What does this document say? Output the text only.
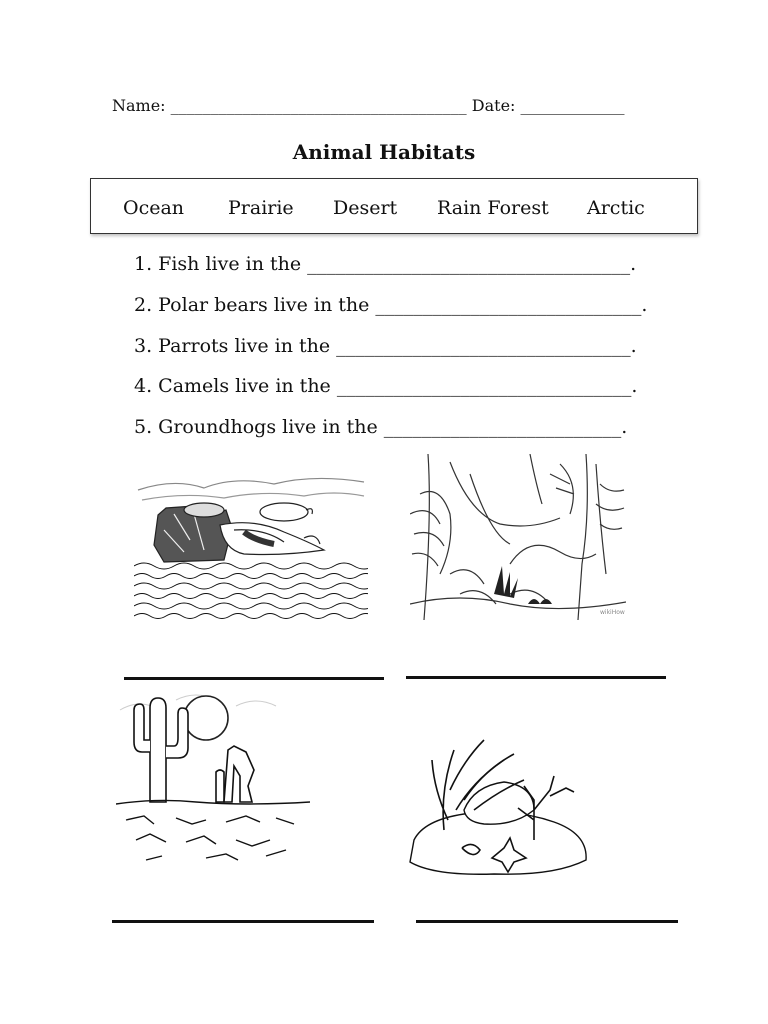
Name: _____________________________________ Date: _____________
Animal Habitats
Ocean Prairie Desert Rain Forest Arctic
1. Fish live in the __________________________________.
2. Polar bears live in the ____________________________.
3. Parrots live in the _______________________________.
4. Camels live in the _______________________________.
5. Groundhogs live in the _________________________.
wikiHow
